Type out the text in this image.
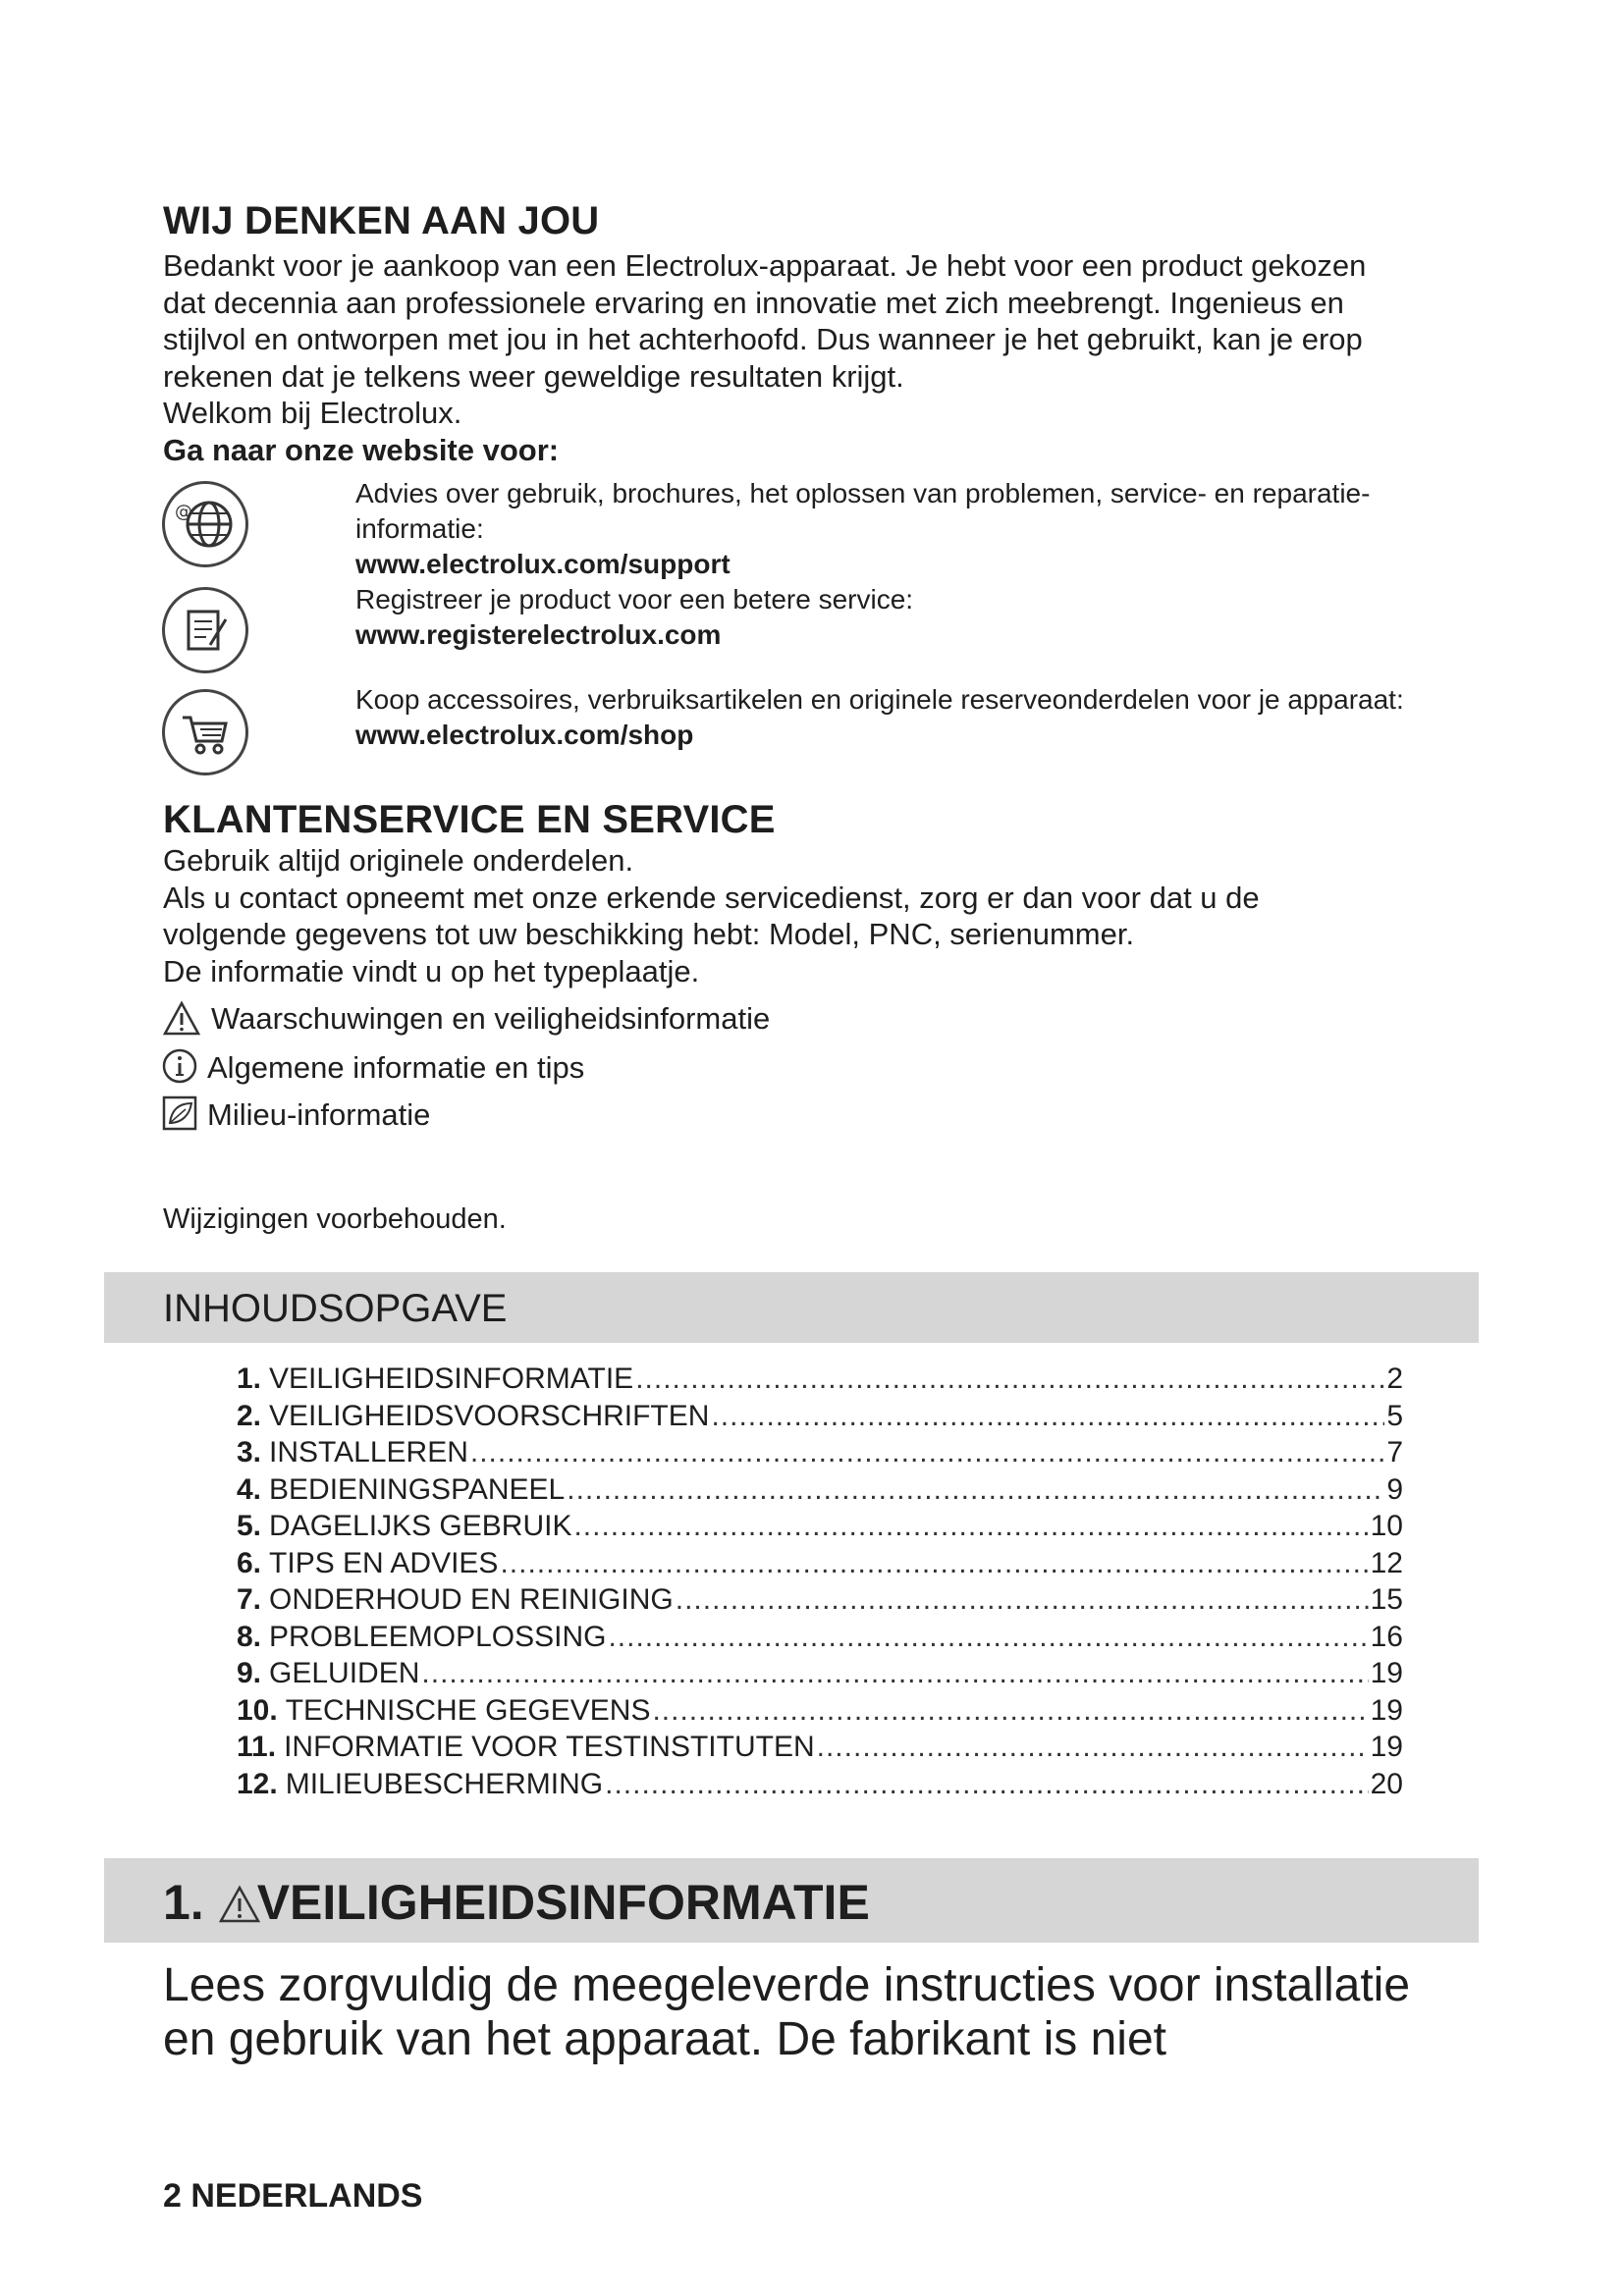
WIJ DENKEN AAN JOU
Bedankt voor je aankoop van een Electrolux-apparaat. Je hebt voor een product gekozen
dat decennia aan professionele ervaring en innovatie met zich meebrengt. Ingenieus en
stijlvol en ontworpen met jou in het achterhoofd. Dus wanneer je het gebruikt, kan je erop
rekenen dat je telkens weer geweldige resultaten krijgt.
Welkom bij Electrolux.
Ga naar onze website voor:
@
Advies over gebruik, brochures, het oplossen van problemen, service- en reparatie-
informatie:
www.electrolux.com/support
Registreer je product voor een betere service:
www.registerelectrolux.com
Koop accessoires, verbruiksartikelen en originele reserveonderdelen voor je apparaat:
www.electrolux.com/shop
KLANTENSERVICE EN SERVICE
Gebruik altijd originele onderdelen.
Als u contact opneemt met onze erkende servicedienst, zorg er dan voor dat u de
volgende gegevens tot uw beschikking hebt: Model, PNC, serienummer.
De informatie vindt u op het typeplaatje.
Waarschuwingen en veiligheidsinformatie
Algemene informatie en tips
Milieu-informatie
Wijzigingen voorbehouden.
INHOUDSOPGAVE
1. VEILIGHEIDSINFORMATIE .....	2
2. VEILIGHEIDSVOORSCHRIFTEN .....	5
3. INSTALLEREN .....	7
4. BEDIENINGSPANEEL .....	9
5. DAGELIJKS GEBRUIK .....	10
6. TIPS EN ADVIES .....	12
7. ONDERHOUD EN REINIGING .....	15
8. PROBLEEMOPLOSSING .....	16
9. GELUIDEN .....	19
10. TECHNISCHE GEGEVENS .....	19
11. INFORMATIE VOOR TESTINSTITUTEN .....	19
12. MILIEUBESCHERMING .....	20
1. VEILIGHEIDSINFORMATIE
Lees zorgvuldig de meegeleverde instructies voor installatie
en gebruik van het apparaat. De fabrikant is niet
2 NEDERLANDS
